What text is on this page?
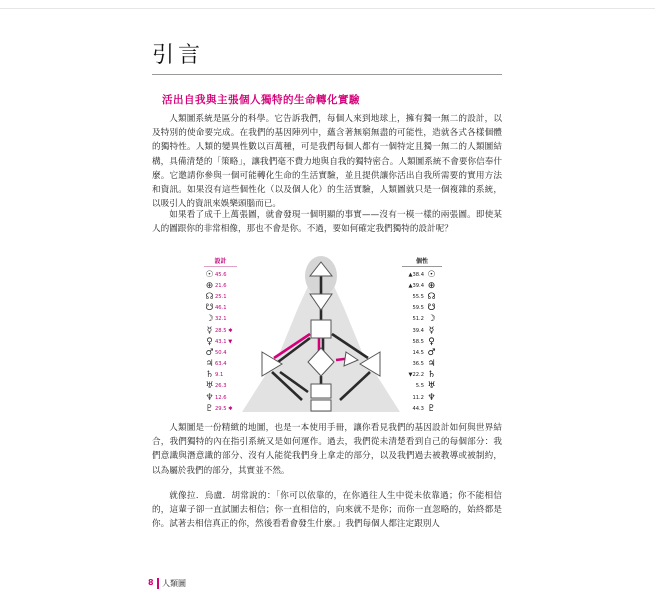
引言
活出自我與主張個人獨特的生命轉化實驗

人類圖系統是區分的科學。它告訴我們，每個人來到地球上，擁有獨一無二的設計，以及特別的使命要完成。在我們的基因陣列中，蘊含著無窮無盡的可能性，造就各式各樣個體的獨特性。人類的變異性數以百萬種，可是我們每個人都有一個特定且獨一無二的人類圖結構，具備清楚的「策略」，讓我們毫不費力地與自我的獨特密合。人類圖系統不會要你信奉什麼。它邀請你參與一個可能轉化生命的生活實驗，並且提供讓你活出自我所需要的實用方法和資訊。如果沒有這些個性化（以及個人化）的生活實驗，人類圖就只是一個複雜的系統，以吸引人的資訊來娛樂頭腦而已。

如果看了成千上萬張圖，就會發現一個明顯的事實——沒有一模一樣的兩張圖。即使某人的圖跟你的非常相像，那也不會是你。不過，要如何確定我們獨特的設計呢？

設計
☉ 45.6
⊕ 21.6
☊ 25.1
☋ 46.1
☽ 32.1
☿ 28.5 ✱
♀ 43.1 ▼
♂ 50.4
♃ 63.4
♄ 9.1
♅ 26.3
♆ 12.6
♇ 29.5 ✱
個性
▲38.4 ☉
▲39.4 ⊕
55.5 ☊
59.5 ☋
51.2 ☽
39.4 ☿
58.5 ♀
14.5 ♂
36.5 ♃
▼22.2 ♄
5.5 ♅
11.2 ♆
44.3 ♇

人類圖是一份精緻的地圖，也是一本使用手冊，讓你看見我們的基因設計如何與世界結合，我們獨特的內在指引系統又是如何運作。過去，我們從未清楚看到自己的每個部分：我們意識與潛意識的部分、沒有人能從我們身上拿走的部分，以及我們過去被教導或被制約，以為屬於我們的部分，其實並不然。

就像拉．烏盧．胡常說的：「你可以依靠的，在你過往人生中從未依靠過；你不能相信的，這輩子卻一直試圖去相信；你一直相信的，向來就不是你；而你一直忽略的，始終都是你。試著去相信真正的你，然後看看會發生什麼。」我們每個人都注定跟別人

8 人類圖
